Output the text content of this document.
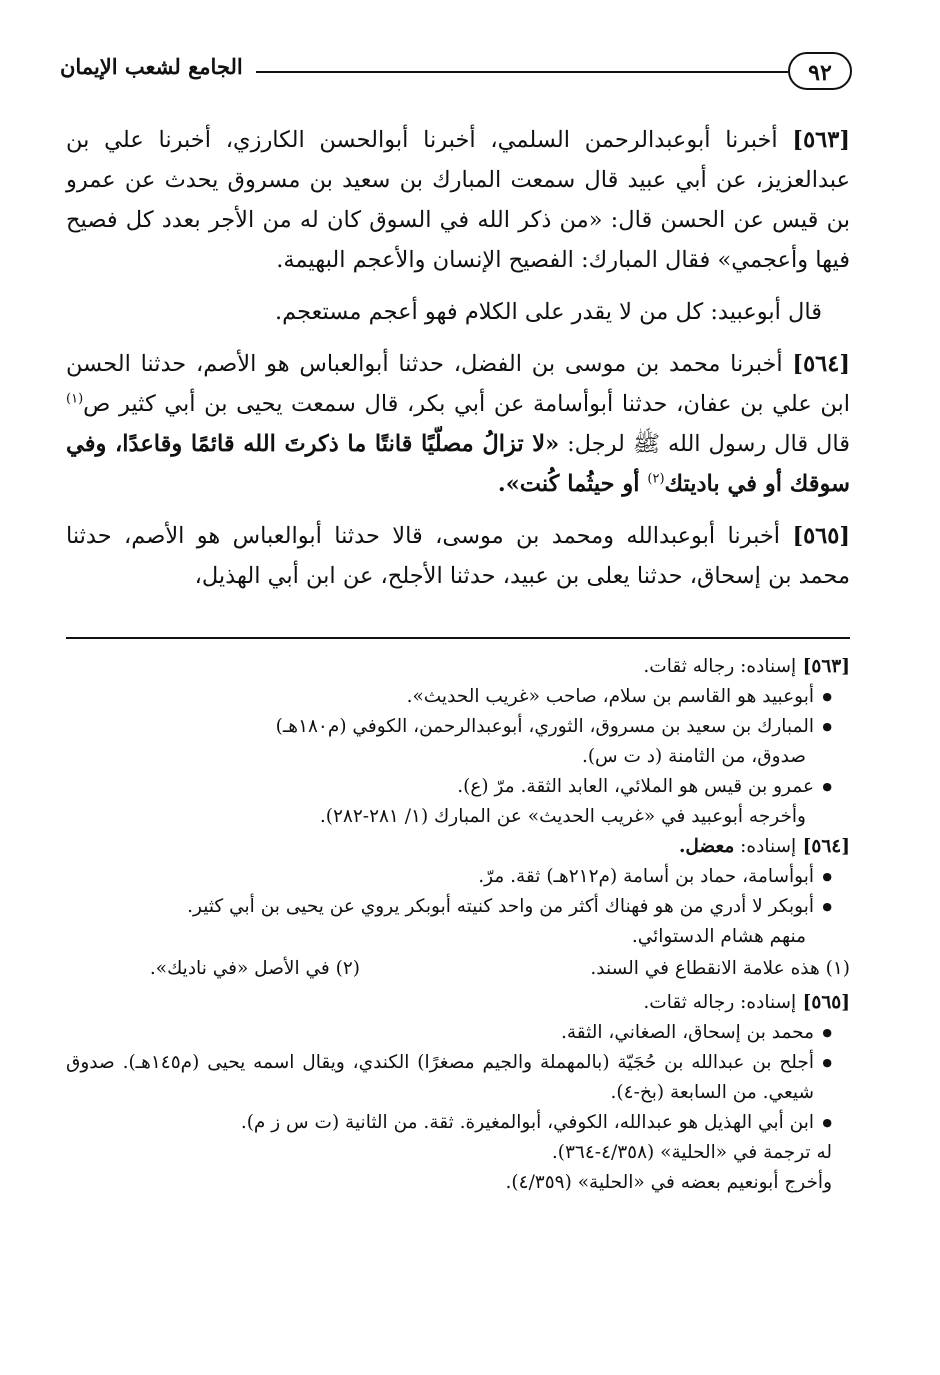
٩٢
الجامع لشعب الإيمان

[٥٦٣] أخبرنا أبوعبدالرحمن السلمي، أخبرنا أبوالحسن الكارزي، أخبرنا علي بن عبدالعزيز، عن أبي عبيد قال سمعت المبارك بن سعيد بن مسروق يحدث عن عمرو بن قيس عن الحسن قال: «من ذكر الله في السوق كان له من الأجر بعدد كل فصيح فيها وأعجمي» فقال المبارك: الفصيح الإنسان والأعجم البهيمة.

قال أبوعبيد: كل من لا يقدر على الكلام فهو أعجم مستعجم.

[٥٦٤] أخبرنا محمد بن موسى بن الفضل، حدثنا أبوالعباس هو الأصم، حدثنا الحسن ابن علي بن عفان، حدثنا أبوأسامة عن أبي بكر، قال سمعت يحيى بن أبي كثير ص$^{(١)}$ قال قال رسول الله ﷺ لرجل: «لا تزالُ مصلّيًا قانتًا ما ذكرتَ الله قائمًا وقاعدًا، وفي سوقك أو في باديتك$^{(٢)}$ أو حيثُما كُنت».

[٥٦٥] أخبرنا أبوعبدالله ومحمد بن موسى، قالا حدثنا أبوالعباس هو الأصم، حدثنا محمد بن إسحاق، حدثنا يعلى بن عبيد، حدثنا الأجلح، عن ابن أبي الهذيل،

[٥٦٣] إسناده: رجاله ثقات.

● أبوعبيد هو القاسم بن سلام، صاحب «غريب الحديث».

● المبارك بن سعيد بن مسروق، الثوري، أبوعبدالرحمن، الكوفي (م١٨٠هـ)

صدوق، من الثامنة (د ت س).

● عمرو بن قيس هو الملائي، العابد الثقة. مرّ (ع).

وأخرجه أبوعبيد في «غريب الحديث» عن المبارك (١/ ٢٨١-٢٨٢).

[٥٦٤] إسناده: معضل.

● أبوأسامة، حماد بن أسامة (م٢١٢هـ) ثقة. مرّ.

● أبوبكر لا أدري من هو فهناك أكثر من واحد كنيته أبوبكر يروي عن يحيى بن أبي كثير.

منهم هشام الدستوائي.

(١) هذه علامة الانقطاع في السند.
(٢) في الأصل «في ناديك».

[٥٦٥] إسناده: رجاله ثقات.

● محمد بن إسحاق، الصغاني، الثقة.

● أجلح بن عبدالله بن حُجَيّة (بالمهملة والجيم مصغرًا) الكندي، ويقال اسمه يحيى (م١٤٥هـ). صدوق شيعي. من السابعة (بخ-٤).

● ابن أبي الهذيل هو عبدالله، الكوفي، أبوالمغيرة. ثقة. من الثانية (ت س ز م).

له ترجمة في «الحلية» (٤/٣٥٨-٣٦٤).

وأخرج أبونعيم بعضه في «الحلية» (٤/٣٥٩).
